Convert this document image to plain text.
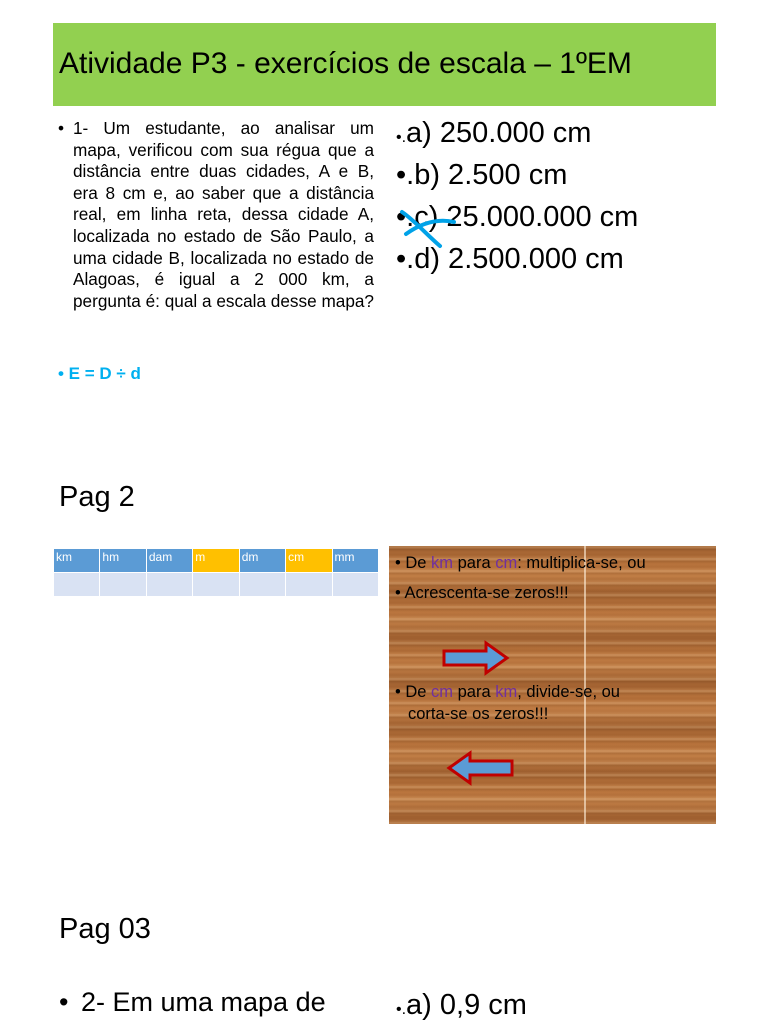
Atividade P3 - exercícios de escala – 1ºEM
• 1- Um estudante, ao analisar um mapa, verificou com sua régua que a distância entre duas cidades, A e B, era 8 cm e, ao saber que a distância real, em linha reta, dessa cidade A, localizada no estado de São Paulo, a uma cidade B, localizada no estado de Alagoas, é igual a 2 000 km, a pergunta é: qual a escala desse mapa?
• E = D ÷ d
•.a) 250.000 cm
•.b) 2.500 cm
•.c) 25.000.000 cm
•.d) 2.500.000 cm
Pag 2
km	hm	dam	m	dm	cm	mm
						• De km para cm: multiplica-se, ou
• Acrescenta-se zeros!!!
• De cm para km, divide-se, ou
corta-se os zeros!!!
Pag 03
• 2- Em uma mapa de	•.a) 0,9 cm
